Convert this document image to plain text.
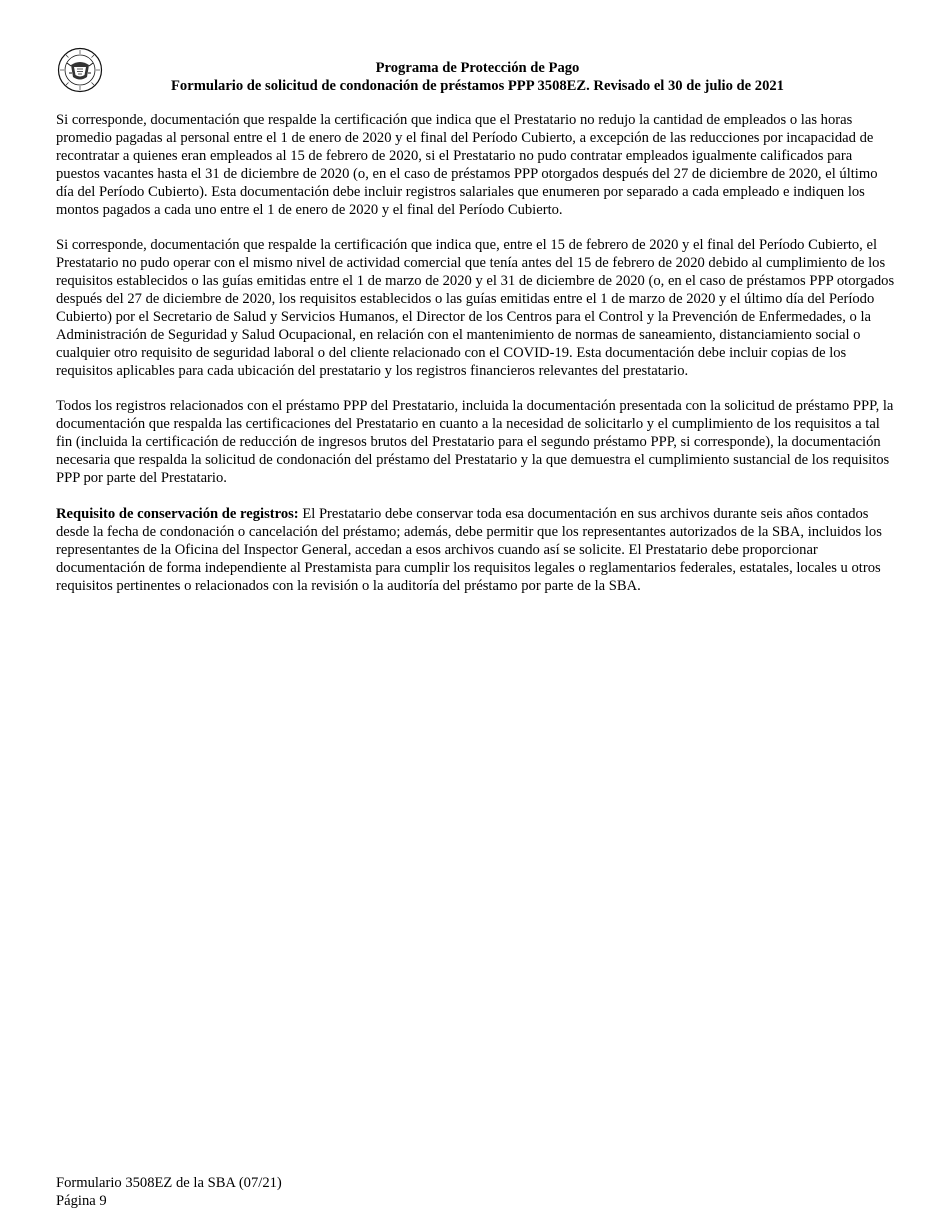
Programa de Protección de Pago
Formulario de solicitud de condonación de préstamos PPP 3508EZ. Revisado el 30 de julio de 2021

Si corresponde, documentación que respalde la certificación que indica que el Prestatario no redujo la cantidad de empleados o las horas promedio pagadas al personal entre el 1 de enero de 2020 y el final del Período Cubierto, a excepción de las reducciones por incapacidad de recontratar a quienes eran empleados al 15 de febrero de 2020, si el Prestatario no pudo contratar empleados igualmente calificados para puestos vacantes hasta el 31 de diciembre de 2020 (o, en el caso de préstamos PPP otorgados después del 27 de diciembre de 2020, el último día del Período Cubierto). Esta documentación debe incluir registros salariales que enumeren por separado a cada empleado e indiquen los montos pagados a cada uno entre el 1 de enero de 2020 y el final del Período Cubierto.

Si corresponde, documentación que respalde la certificación que indica que, entre el 15 de febrero de 2020 y el final del Período Cubierto, el Prestatario no pudo operar con el mismo nivel de actividad comercial que tenía antes del 15 de febrero de 2020 debido al cumplimiento de los requisitos establecidos o las guías emitidas entre el 1 de marzo de 2020 y el 31 de diciembre de 2020 (o, en el caso de préstamos PPP otorgados después del 27 de diciembre de 2020, los requisitos establecidos o las guías emitidas entre el 1 de marzo de 2020 y el último día del Período Cubierto) por el Secretario de Salud y Servicios Humanos, el Director de los Centros para el Control y la Prevención de Enfermedades, o la Administración de Seguridad y Salud Ocupacional, en relación con el mantenimiento de normas de saneamiento, distanciamiento social o cualquier otro requisito de seguridad laboral o del cliente relacionado con el COVID-19. Esta documentación debe incluir copias de los requisitos aplicables para cada ubicación del prestatario y los registros financieros relevantes del prestatario.

Todos los registros relacionados con el préstamo PPP del Prestatario, incluida la documentación presentada con la solicitud de préstamo PPP, la documentación que respalda las certificaciones del Prestatario en cuanto a la necesidad de solicitarlo y el cumplimiento de los requisitos a tal fin (incluida la certificación de reducción de ingresos brutos del Prestatario para el segundo préstamo PPP, si corresponde), la documentación necesaria que respalda la solicitud de condonación del préstamo del Prestatario y la que demuestra el cumplimiento sustancial de los requisitos PPP por parte del Prestatario.

Requisito de conservación de registros: El Prestatario debe conservar toda esa documentación en sus archivos durante seis años contados desde la fecha de condonación o cancelación del préstamo; además, debe permitir que los representantes autorizados de la SBA, incluidos los representantes de la Oficina del Inspector General, accedan a esos archivos cuando así se solicite. El Prestatario debe proporcionar documentación de forma independiente al Prestamista para cumplir los requisitos legales o reglamentarios federales, estatales, locales u otros requisitos pertinentes o relacionados con la revisión o la auditoría del préstamo por parte de la SBA.

Formulario 3508EZ de la SBA (07/21)
Página 9
